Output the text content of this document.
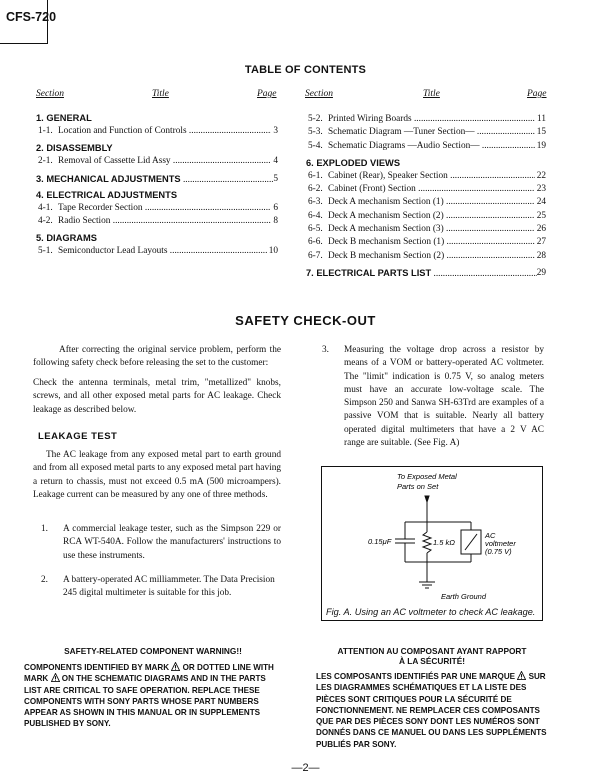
CFS-720
TABLE OF CONTENTS
Section	Title	Page	Section	Title	Page
1. GENERAL
1-1. Location and Function of Controls .....	3
2. DISASSEMBLY
2-1. Removal of Cassette Lid Assy .....	4
3. MECHANICAL ADJUSTMENTS .....	5
4. ELECTRICAL ADJUSTMENTS
4-1. Tape Recorder Section .....	6
4-2. Radio Section .....	8
5. DIAGRAMS
5-1. Semiconductor Lead Layouts .....	10
5-2. Printed Wiring Boards .....	11
5-3. Schematic Diagram —Tuner Section— .....	15
5-4. Schematic Diagrams —Audio Section— .....	19
6. EXPLODED VIEWS
6-1. Cabinet (Rear), Speaker Section .....	22
6-2. Cabinet (Front) Section .....	23
6-3. Deck A mechanism Section (1) .....	24
6-4. Deck A mechanism Section (2) .....	25
6-5. Deck A mechanism Section (3) .....	26
6-6. Deck B mechanism Section (1) .....	27
6-7. Deck B mechanism Section (2) .....	28
7. ELECTRICAL PARTS LIST .....	29
SAFETY CHECK-OUT
After correcting the original service problem, perform the following safety check before releasing the set to the customer:
Check the antenna terminals, metal trim, "metallized" knobs, screws, and all other exposed metal parts for AC leakage. Check leakage as described below.
LEAKAGE TEST
The AC leakage from any exposed metal part to earth ground and from all exposed metal parts to any exposed metal part having a return to chassis, must not exceed 0.5 mA (500 microampers). Leakage current can be measured by any one of three methods.
1.	A commercial leakage tester, such as the Simpson 229 or RCA WT-540A. Follow the manufacturers' instructions to use these instruments.
2.	A battery-operated AC milliammeter. The Data Precision 245 digital multimeter is suitable for this job.
3.	Measuring the voltage drop across a resistor by means of a VOM or battery-operated AC voltmeter. The "limit" indication is 0.75 V, so analog meters must have an accurate low-voltage scale. The Simpson 250 and Sanwa SH-63Trd are examples of a passive VOM that is suitable. Nearly all battery operated digital multimeters that have a 2 V AC range are suitable. (See Fig. A)
To Exposed Metal
Parts on Set
0.15μF	1.5 kΩ
AC
voltmeter
(0.75 V)
Earth Ground
Fig. A. Using an AC voltmeter to check AC leakage.
SAFETY-RELATED COMPONENT WARNING!!
COMPONENTS IDENTIFIED BY MARK OR DOTTED LINE WITH MARK ON THE SCHEMATIC DIAGRAMS AND IN THE PARTS LIST ARE CRITICAL TO SAFE OPERATION. REPLACE THESE COMPONENTS WITH SONY PARTS WHOSE PART NUMBERS APPEAR AS SHOWN IN THIS MANUAL OR IN SUPPLEMENTS PUBLISHED BY SONY.
ATTENTION AU COMPOSANT AYANT RAPPORT
À LA SÉCURITÉ!
LES COMPOSANTS IDENTIFIÉS PAR UNE MARQUE SUR LES DIAGRAMMES SCHÉMATIQUES ET LA LISTE DES PIÈCES SONT CRITIQUES POUR LA SÉCURITÉ DE FONCTIONNEMENT. NE REMPLACER CES COMPOSANTS QUE PAR DES PIÈCES SONY DONT LES NUMÉROS SONT DONNÉS DANS CE MANUEL OU DANS LES SUPPLÉMENTS PUBLIÉS PAR SONY.
—2—
